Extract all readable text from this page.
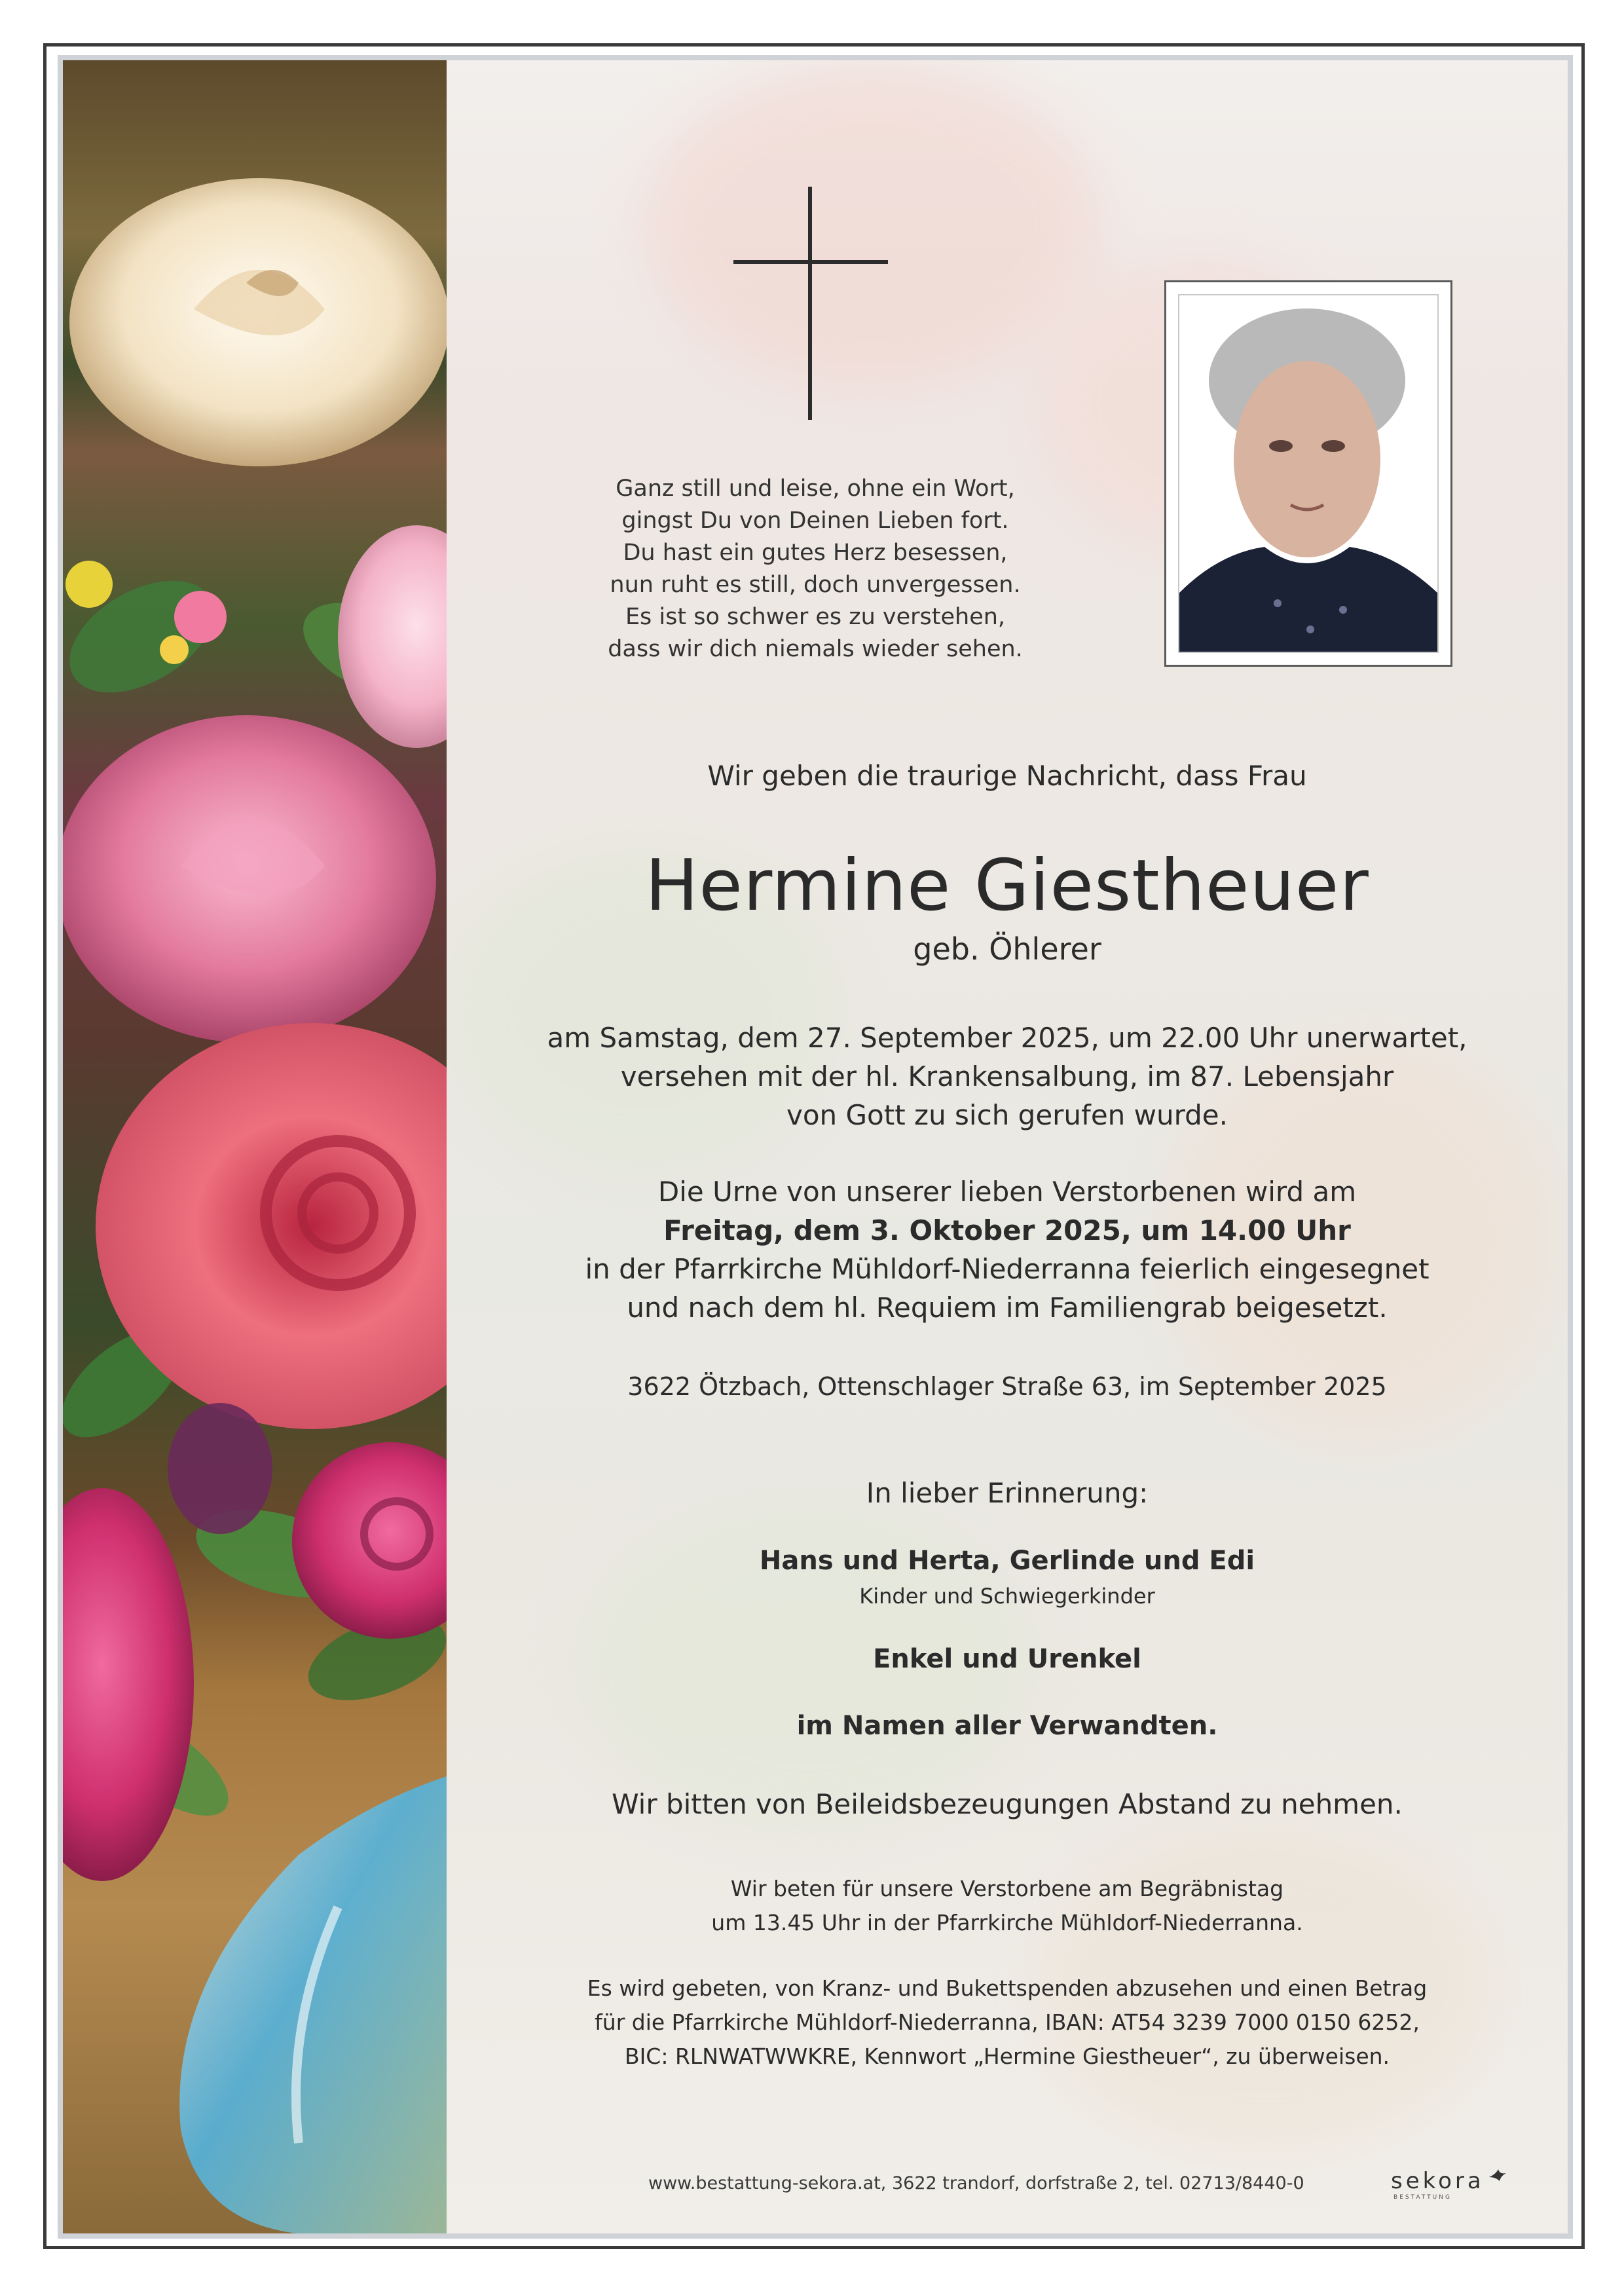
Ganz still und leise, ohne ein Wort,
gingst Du von Deinen Lieben fort.
Du hast ein gutes Herz besessen,
nun ruht es still, doch unvergessen.
Es ist so schwer es zu verstehen,
dass wir dich niemals wieder sehen.
Wir geben die traurige Nachricht, dass Frau
Hermine Giestheuer
geb. Öhlerer
am Samstag, dem 27. September 2025, um 22.00 Uhr unerwartet,
versehen mit der hl. Krankensalbung, im 87. Lebensjahr
von Gott zu sich gerufen wurde.
Die Urne von unserer lieben Verstorbenen wird am
Freitag, dem 3. Oktober 2025, um 14.00 Uhr
in der Pfarrkirche Mühldorf-Niederranna feierlich eingesegnet
und nach dem hl. Requiem im Familiengrab beigesetzt.
3622 Ötzbach, Ottenschlager Straße 63, im September 2025
In lieber Erinnerung:
Hans und Herta, Gerlinde und Edi
Kinder und Schwiegerkinder
Enkel und Urenkel
im Namen aller Verwandten.
Wir bitten von Beileidsbezeugungen Abstand zu nehmen.
Wir beten für unsere Verstorbene am Begräbnistag
um 13.45 Uhr in der Pfarrkirche Mühldorf-Niederranna.
Es wird gebeten, von Kranz- und Bukettspenden abzusehen und einen Betrag
für die Pfarrkirche Mühldorf-Niederranna, IBAN: AT54 3239 7000 0150 6252,
BIC: RLNWATWWKRE, Kennwort „Hermine Giestheuer“, zu überweisen.
www.bestattung-sekora.at, 3622 trandorf, dorfstraße 2, tel. 02713/8440-0	sekora
BESTATTUNG
